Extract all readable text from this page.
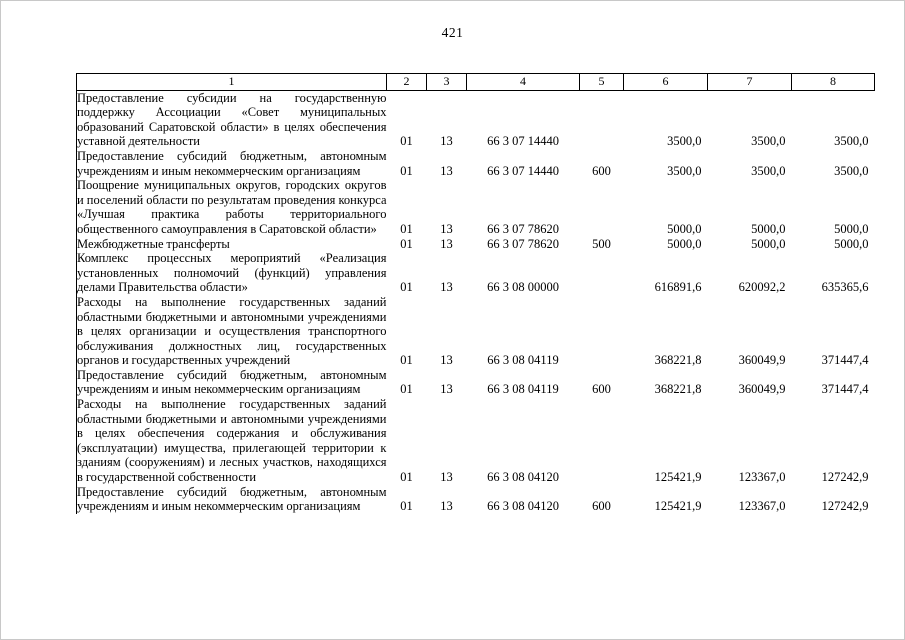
421
1	2	3	4	5	6	7	8
Предоставление субсидии на государственную поддержку Ассоциации «Совет муниципальных образований Саратовской области» в целях обеспечения уставной деятельности	01	13	66 3 07 14440		3500,0	3500,0	3500,0
Предоставление субсидий бюджетным, автономным учреждениям и иным некоммерческим организациям	01	13	66 3 07 14440	600	3500,0	3500,0	3500,0
Поощрение муниципальных округов, городских округов и поселений области по результатам проведения конкурса «Лучшая практика работы территориального общественного самоуправления в Саратовской области»	01	13	66 3 07 78620		5000,0	5000,0	5000,0
Межбюджетные трансферты	01	13	66 3 07 78620	500	5000,0	5000,0	5000,0
Комплекс процессных мероприятий «Реализация установленных полномочий (функций) управления делами Правительства области»	01	13	66 3 08 00000		616891,6	620092,2	635365,6
Расходы на выполнение государственных заданий областными бюджетными и автономными учреждениями в целях организации и осуществления транспортного обслуживания должностных лиц, государственных органов и государственных учреждений	01	13	66 3 08 04119		368221,8	360049,9	371447,4
Предоставление субсидий бюджетным, автономным учреждениям и иным некоммерческим организациям	01	13	66 3 08 04119	600	368221,8	360049,9	371447,4
Расходы на выполнение государственных заданий областными бюджетными и автономными учреждениями в целях обеспечения содержания и обслуживания (эксплуатации) имущества, прилегающей территории к зданиям (сооружениям) и лесных участков, находящихся в государственной собственности	01	13	66 3 08 04120		125421,9	123367,0	127242,9
Предоставление субсидий бюджетным, автономным учреждениям и иным некоммерческим организациям	01	13	66 3 08 04120	600	125421,9	123367,0	127242,9
